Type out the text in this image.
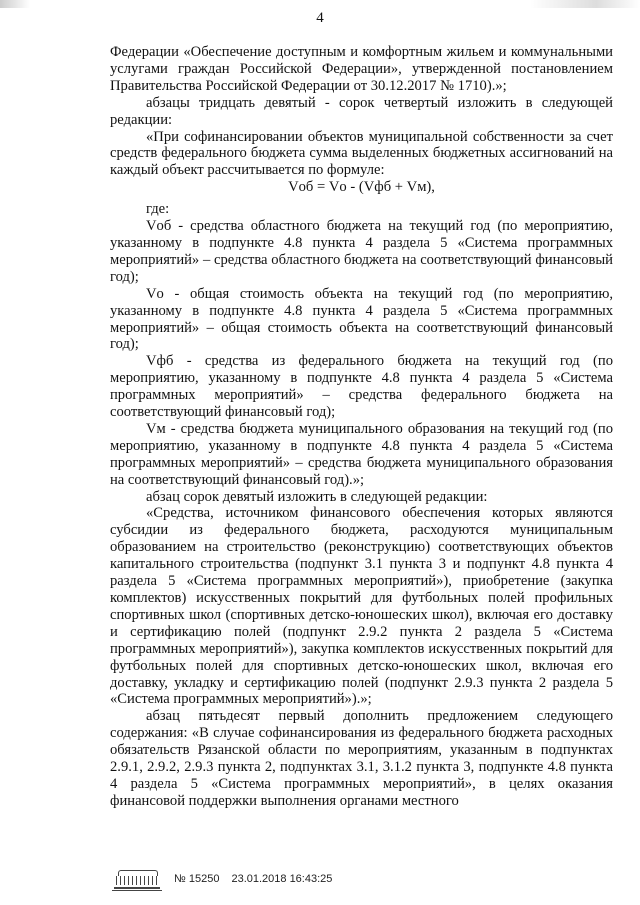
4

Федерации «Обеспечение доступным и комфортным жильем и коммунальными услугами граждан Российской Федерации», утвержденной постановлением Правительства Российской Федерации от 30.12.2017 № 1710).»;

абзацы тридцать девятый - сорок четвертый изложить в следующей редакции:

«При софинансировании объектов муниципальной собственности за счет средств федерального бюджета сумма выделенных бюджетных ассигнований на каждый объект рассчитывается по формуле:

Vоб = Vо - (Vфб + Vм),

где:

Vоб - средства областного бюджета на текущий год (по мероприятию, указанному в подпункте 4.8 пункта 4 раздела 5 «Система программных мероприятий» – средства областного бюджета на соответствующий финансовый год);

Vо - общая стоимость объекта на текущий год (по мероприятию, указанному в подпункте 4.8 пункта 4 раздела 5 «Система программных мероприятий» – общая стоимость объекта на соответствующий финансовый год);

Vфб - средства из федерального бюджета на текущий год (по мероприятию, указанному в подпункте 4.8 пункта 4 раздела 5 «Система программных мероприятий» – средства федерального бюджета на соответствующий финансовый год);

Vм - средства бюджета муниципального образования на текущий год (по мероприятию, указанному в подпункте 4.8 пункта 4 раздела 5 «Система программных мероприятий» – средства бюджета муниципального образования на соответствующий финансовый год).»;

абзац сорок девятый изложить в следующей редакции:

«Средства, источником финансового обеспечения которых являются субсидии из федерального бюджета, расходуются муниципальным образованием на строительство (реконструкцию) соответствующих объектов капитального строительства (подпункт 3.1 пункта 3 и подпункт 4.8 пункта 4 раздела 5 «Система программных мероприятий»), приобретение (закупка комплектов) искусственных покрытий для футбольных полей профильных спортивных школ (спортивных детско-юношеских школ), включая его доставку и сертификацию полей (подпункт 2.9.2 пункта 2 раздела 5 «Система программных мероприятий»), закупка комплектов искусственных покрытий для футбольных полей для спортивных детско-юношеских школ, включая его доставку, укладку и сертификацию полей (подпункт 2.9.3 пункта 2 раздела 5 «Система программных мероприятий»).»;

абзац пятьдесят первый дополнить предложением следующего содержания: «В случае софинансирования из федерального бюджета расходных обязательств Рязанской области по мероприятиям, указанным в подпунктах 2.9.1, 2.9.2, 2.9.3 пункта 2, подпунктах 3.1, 3.1.2 пункта 3, подпункте 4.8 пункта 4 раздела 5 «Система программных мероприятий», в целях оказания финансовой поддержки выполнения органами местного

№ 15250 23.01.2018 16:43:25
